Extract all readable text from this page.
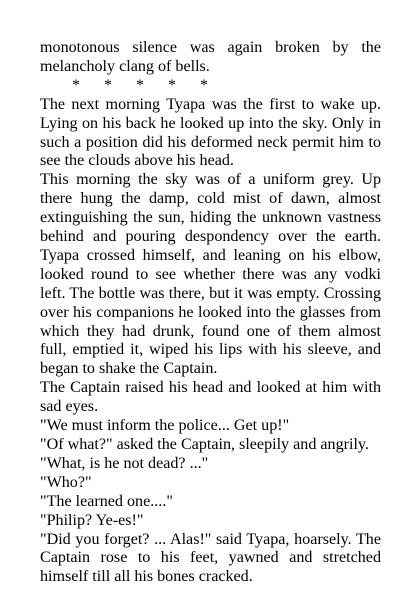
monotonous silence was again broken by the melancholy clang of bells.

*      *      *      *      *

The next morning Tyapa was the first to wake up. Lying on his back he looked up into the sky. Only in such a position did his deformed neck permit him to see the clouds above his head.

This morning the sky was of a uniform grey. Up there hung the damp, cold mist of dawn, almost extinguishing the sun, hiding the unknown vastness behind and pouring despondency over the earth. Tyapa crossed himself, and leaning on his elbow, looked round to see whether there was any vodki left. The bottle was there, but it was empty. Crossing over his companions he looked into the glasses from which they had drunk, found one of them almost full, emptied it, wiped his lips with his sleeve, and began to shake the Captain.

The Captain raised his head and looked at him with sad eyes.

"We must inform the police... Get up!"

"Of what?" asked the Captain, sleepily and angrily.

"What, is he not dead? ..."

"Who?"

"The learned one...."

"Philip? Ye-es!"

"Did you forget? ... Alas!" said Tyapa, hoarsely. The Captain rose to his feet, yawned and stretched himself till all his bones cracked.
